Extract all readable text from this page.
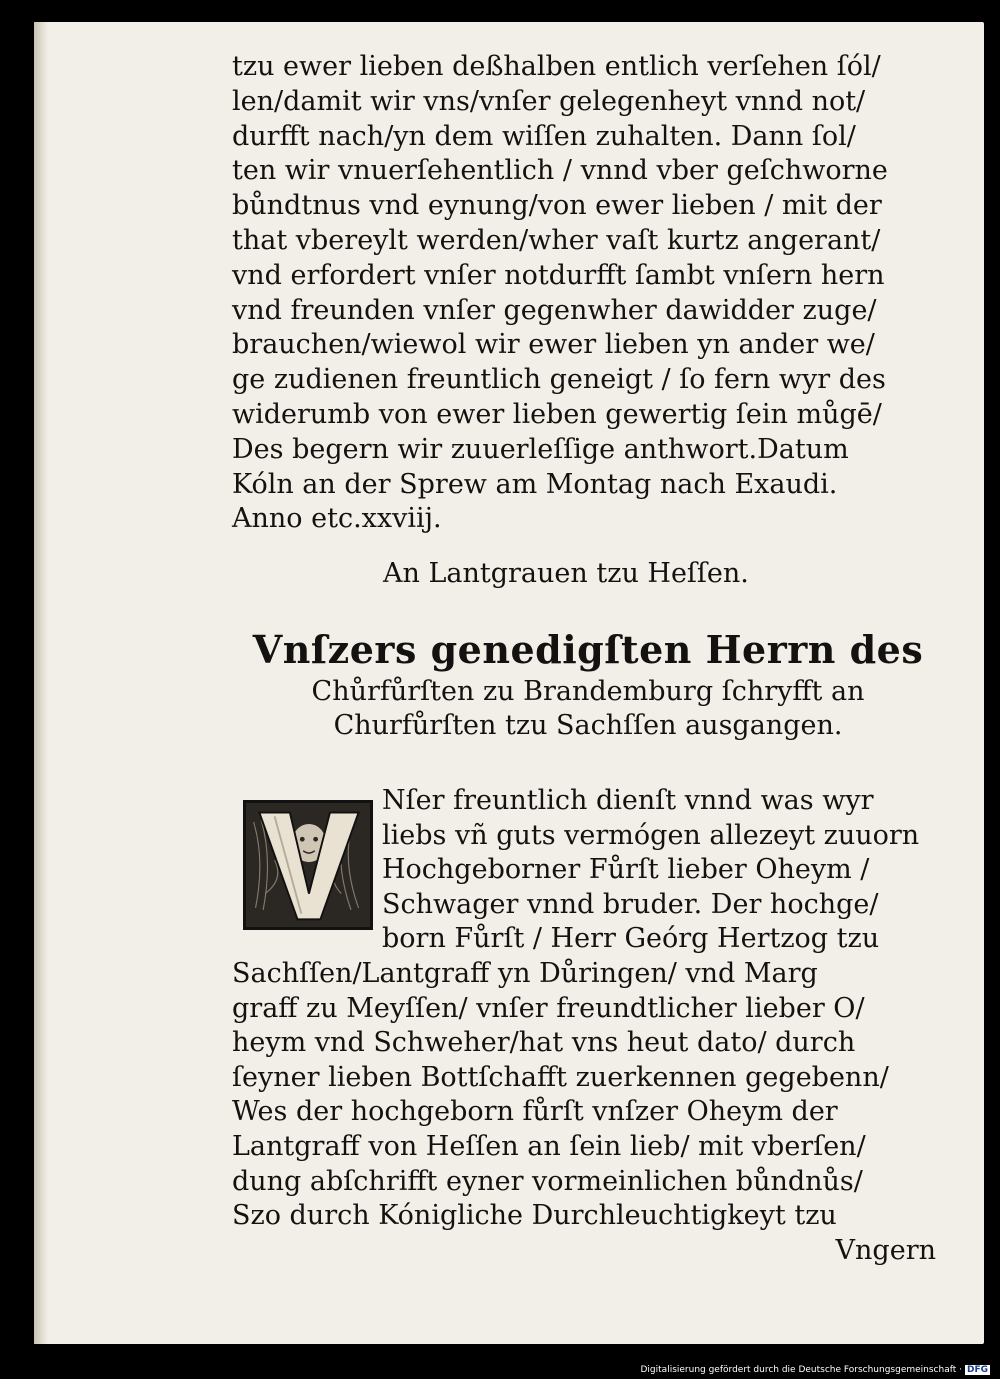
tzu ewer lieben deßhalben entlich verſehen ſól/
len/damit wir vns/vnſer gelegenheyt vnnd not/
durfft nach/yn dem wiſſen zuhalten. Dann ſol/
ten wir vnuerſehentlich / vnnd vber geſchworne
bůndtnus vnd eynung/von ewer lieben / mit der
that vbereylt werden/wher vaſt kurtz angerant/
vnd erfordert vnſer notdurfft ſambt vnſern hern
vnd freunden vnſer gegenwher dawidder zuge/
brauchen/wiewol wir ewer lieben yn ander we/
ge zudienen freuntlich geneigt / ſo fern wyr des
widerumb von ewer lieben gewertig ſein můgē/
Des begern wir zuuerleſſige anthwort.Datum
Kóln an der Sprew am Montag nach Exaudi.
Anno etc.xxviij.
An Lantgrauen tzu Heſſen.
Vnſzers genedigſten Herrn des
Chůrfůrſten zu Brandemburg ſchryfft an
Churfůrſten tzu Sachſſen ausgangen.
Nſer freuntlich dienſt vnnd was wyr
liebs vñ guts vermógen allezeyt zuuorn
Hochgeborner Fůrſt lieber Oheym /
Schwager vnnd bruder. Der hochge/
born Fůrſt / Herr Geórg Hertzog tzu
Sachſſen/Lantgraff yn Důringen/ vnd Marg
graff zu Meyſſen/ vnſer freundtlicher lieber O/
heym vnd Schweher/hat vns heut dato/ durch
ſeyner lieben Bottſchafft zuerkennen gegebenn/
Wes der hochgeborn fůrſt vnſzer Oheym der
Lantgraff von Heſſen an ſein lieb/ mit vberſen/
dung abſchrifft eyner vormeinlichen bůndnůs/
Szo durch Kónigliche Durchleuchtigkeyt tzu
Vngern
Digitalisierung gefördert durch die Deutsche Forschungsgemeinschaft · DFG
